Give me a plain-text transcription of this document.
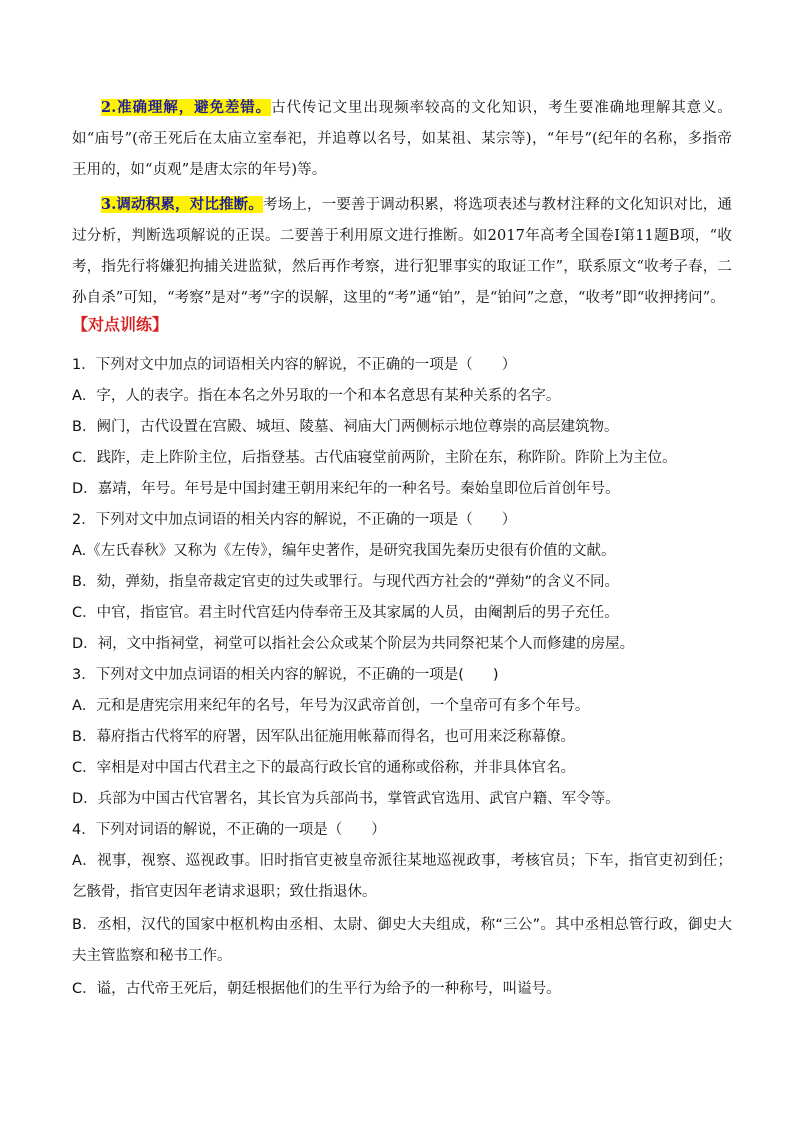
2.准确理解，避免差错。古代传记文里出现频率较高的文化知识，考生要准确地理解其意义。如“庙号”(帝王死后在太庙立室奉祀，并追尊以名号，如某祖、某宗等)，“年号”(纪年的名称，多指帝王用的，如“贞观”是唐太宗的年号)等。

3.调动积累，对比推断。考场上，一要善于调动积累，将选项表述与教材注释的文化知识对比，通过分析，判断选项解说的正误。二要善于利用原文进行推断。如2017年高考全国卷Ⅰ第11题B项，“收考，指先行将嫌犯拘捕关进监狱，然后再作考察，进行犯罪事实的取证工作”，联系原文“收考子春，二孙自杀”可知，“考察”是对“考”字的误解，这里的“考”通“铂”，是“铂问”之意，“收考”即“收押拷问”。

【对点训练】

1．下列对文中加点的词语相关内容的解说，不正确的一项是（　　）

A．字，人的表字。指在本名之外另取的一个和本名意思有某种关系的名字。

B．阙门，古代设置在宫殿、城垣、陵墓、祠庙大门两侧标示地位尊崇的高层建筑物。

C．践阼，走上阼阶主位，后指登基。古代庙寝堂前两阶，主阶在东，称阼阶。阼阶上为主位。

D．嘉靖，年号。年号是中国封建王朝用来纪年的一种名号。秦始皇即位后首创年号。

2．下列对文中加点词语的相关内容的解说，不正确的一项是（　　）

A.《左氏春秋》又称为《左传》，编年史著作，是研究我国先秦历史很有价值的文献。

B．劾，弹劾，指皇帝裁定官吏的过失或罪行。与现代西方社会的“弹劾”的含义不同。

C．中官，指宦官。君主时代宫廷内侍奉帝王及其家属的人员，由阉割后的男子充任。

D．祠，文中指祠堂，祠堂可以指社会公众或某个阶层为共同祭祀某个人而修建的房屋。

3．下列对文中加点词语的相关内容的解说，不正确的一项是(　　)

A．元和是唐宪宗用来纪年的名号，年号为汉武帝首创，一个皇帝可有多个年号。

B．幕府指古代将军的府署，因军队出征施用帐幕而得名，也可用来泛称幕僚。

C．宰相是对中国古代君主之下的最高行政长官的通称或俗称，并非具体官名。

D．兵部为中国古代官署名，其长官为兵部尚书，掌管武官选用、武官户籍、军令等。

4．下列对词语的解说，不正确的一项是（　　）

A．视事，视察、巡视政事。旧时指官吏被皇帝派往某地巡视政事，考核官员；下车，指官吏初到任；乞骸骨，指官吏因年老请求退职；致仕指退休。

B．丞相，汉代的国家中枢机构由丞相、太尉、御史大夫组成，称“三公”。其中丞相总管行政，御史大夫主管监察和秘书工作。

C．谥，古代帝王死后，朝廷根据他们的生平行为给予的一种称号，叫谥号。
